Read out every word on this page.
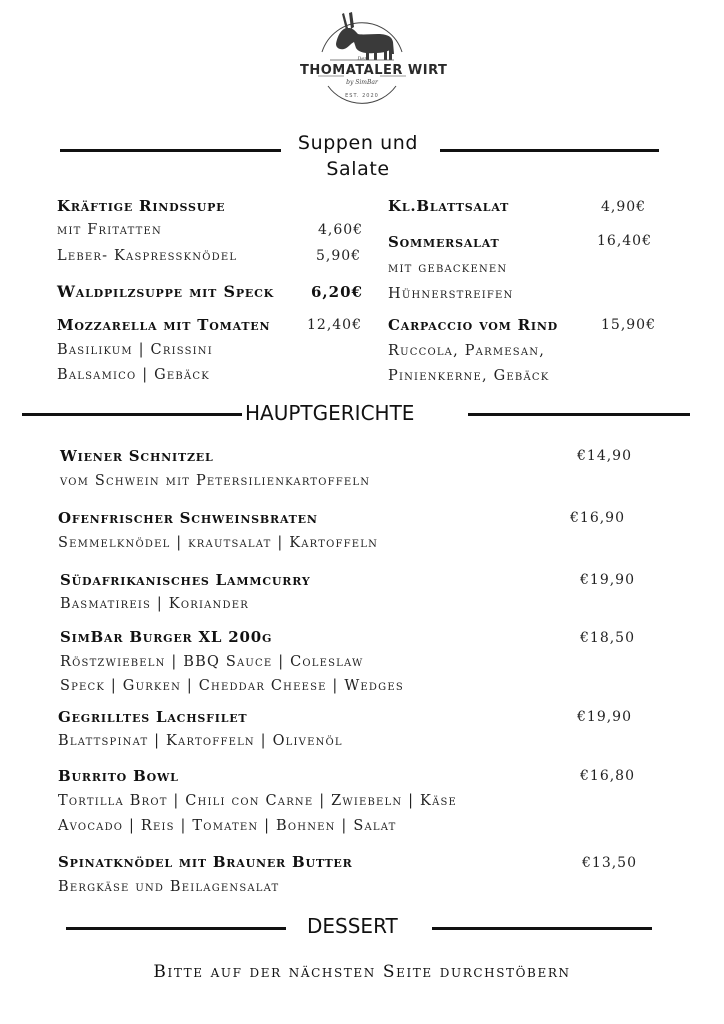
Der
THOMATALER WIRT
by SimBar
EST. 2020
Suppen und
Salate
Kräftige Rindssupe
mit Fritatten	4,60€
Leber- Kaspressknödel	5,90€
Waldpilzsuppe mit Speck 6,20€
Mozzarella mit Tomaten	12,40€
Basilikum | Crissini
Balsamico | Gebäck
Kl.Blattsalat	4,90€
Sommersalat	16,40€
mit gebackenen
Hühnerstreifen
Carpaccio vom Rind	15,90€
Ruccola, Parmesan,
Pinienkerne, Gebäck
HAUPTGERICHTE
Wiener Schnitzel	€14,90
vom Schwein mit Petersilienkartoffeln
Ofenfrischer Schweinsbraten	€16,90
Semmelknödel | krautsalat | Kartoffeln
Südafrikanisches Lammcurry	€19,90
Basmatireis | Koriander
SimBar Burger XL 200g	€18,50
Röstzwiebeln | BBQ Sauce | Coleslaw
Speck | Gurken | Cheddar Cheese | Wedges
Gegrilltes Lachsfilet	€19,90
Blattspinat | Kartoffeln | Olivenöl
Burrito Bowl	€16,80
Tortilla Brot | Chili con Carne | Zwiebeln | Käse
Avocado | Reis | Tomaten | Bohnen | Salat
Spinatknödel mit Brauner Butter	€13,50
Bergkäse und Beilagensalat
DESSERT
Bitte auf der nächsten Seite durchstöbern
